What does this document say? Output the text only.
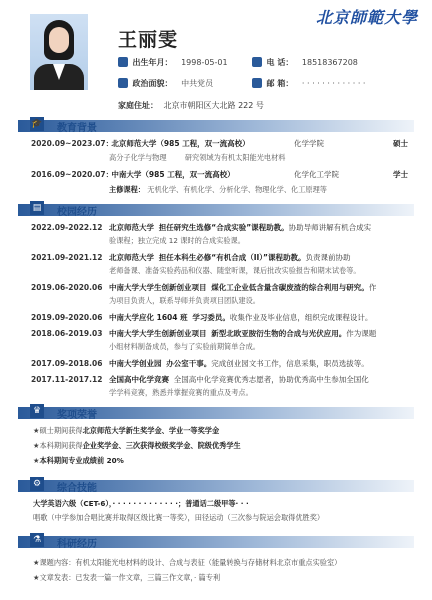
王丽雯
北京師範大學
出生年月： 1998-05-01	电 话： 18518367208
政治面貌： 中共党员	邮 箱： · · · · · · · · · · · · ·
家庭住址： 北京市朝阳区大北路 222 号
🎓 教育背景
2020.09~2023.07： 北京师范大学（985 工程，双一流高校）	化学学院	硕士
高分子化学与物理	研究领域为有机太阳能光电材料
2016.09~2020.07： 中南大学（985 工程，双一流高校）	化学化工学院	学士
主修课程： 无机化学、有机化学、分析化学、物理化学、化工原理等
▤ 校园经历
2022.09-2022.12 北京师范大学 担任研究生选修“合成实验”课程助教。协助导师讲解有机合成实
验课程；独立完成 12 课时的合成实验课。
2021.09-2021.12 北京师范大学 担任本科生必修“有机合成（II）”课程助教。负责课前协助
老师备课、准备实验药品和仪器、随堂听课，课后批改实验报告和期末试卷等。
2019.06-2020.06 中南大学大学生创新创业项目 煤化工企业低含量含碳废渣的综合利用与研究。作
为项目负责人，联系导师并负责项目团队建设。
2019.09-2020.06 中南大学应化 1604 班 学习委员。收集作业及毕业信息，组织完成课程设计。
2018.06-2019.03 中南大学大学生创新创业项目 新型北欧亚胺衍生物的合成与光伏应用。作为课题
小组材料制备成员，参与了实验前期简单合成。
2017.09-2018.06 中南大学创业园 办公室干事。完成创业园文书工作，信息采集，职员选拔等。
2017.11-2017.12 全国高中化学竞赛 全国高中化学竞赛优秀志愿者，协助优秀高中生参加全国化
学学科竞赛，熟悉并掌握竞赛的重点及考点。
♛ 奖项荣誉
★硕士期间获得北京师范大学新生奖学金、学业一等奖学金
★本科期间获得企业奖学金、三次获得校级奖学金、院级优秀学生
★本科期间专业成绩前 20%
⚙ 综合技能
大学英语六级（CET-6），· · · · · · · · · · · · ·；普通话二级甲等· · ·
唱歌（中学参加合唱比赛并取得区级比赛一等奖），田径运动（三次参与院运会取得优胜奖）
⚗ 科研经历
★课题内容：有机太阳能光电材料的设计、合成与表征（能量转换与存储材料北京市重点实验室）
★文章发表：已发表一篇一作文章，三篇三作文章，· 篇专利
